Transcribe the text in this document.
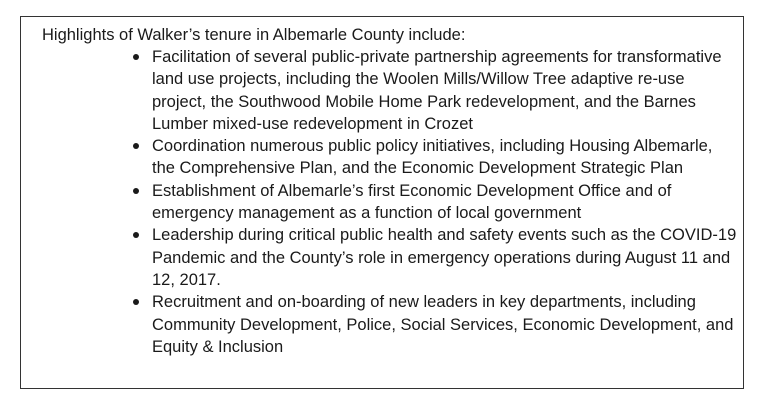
Highlights of Walker’s tenure in Albemarle County include:

Facilitation of several public-private partnership agreements for transformative land use projects, including the Woolen Mills/Willow Tree adaptive re-use project, the Southwood Mobile Home Park redevelopment, and the Barnes Lumber mixed-use redevelopment in Crozet
Coordination numerous public policy initiatives, including Housing Albemarle, the Comprehensive Plan, and the Economic Development Strategic Plan
Establishment of Albemarle’s first Economic Development Office and of emergency management as a function of local government
Leadership during critical public health and safety events such as the COVID-19 Pandemic and the County’s role in emergency operations during August 11 and 12, 2017.
Recruitment and on-boarding of new leaders in key departments, including Community Development, Police, Social Services, Economic Development, and Equity & Inclusion
